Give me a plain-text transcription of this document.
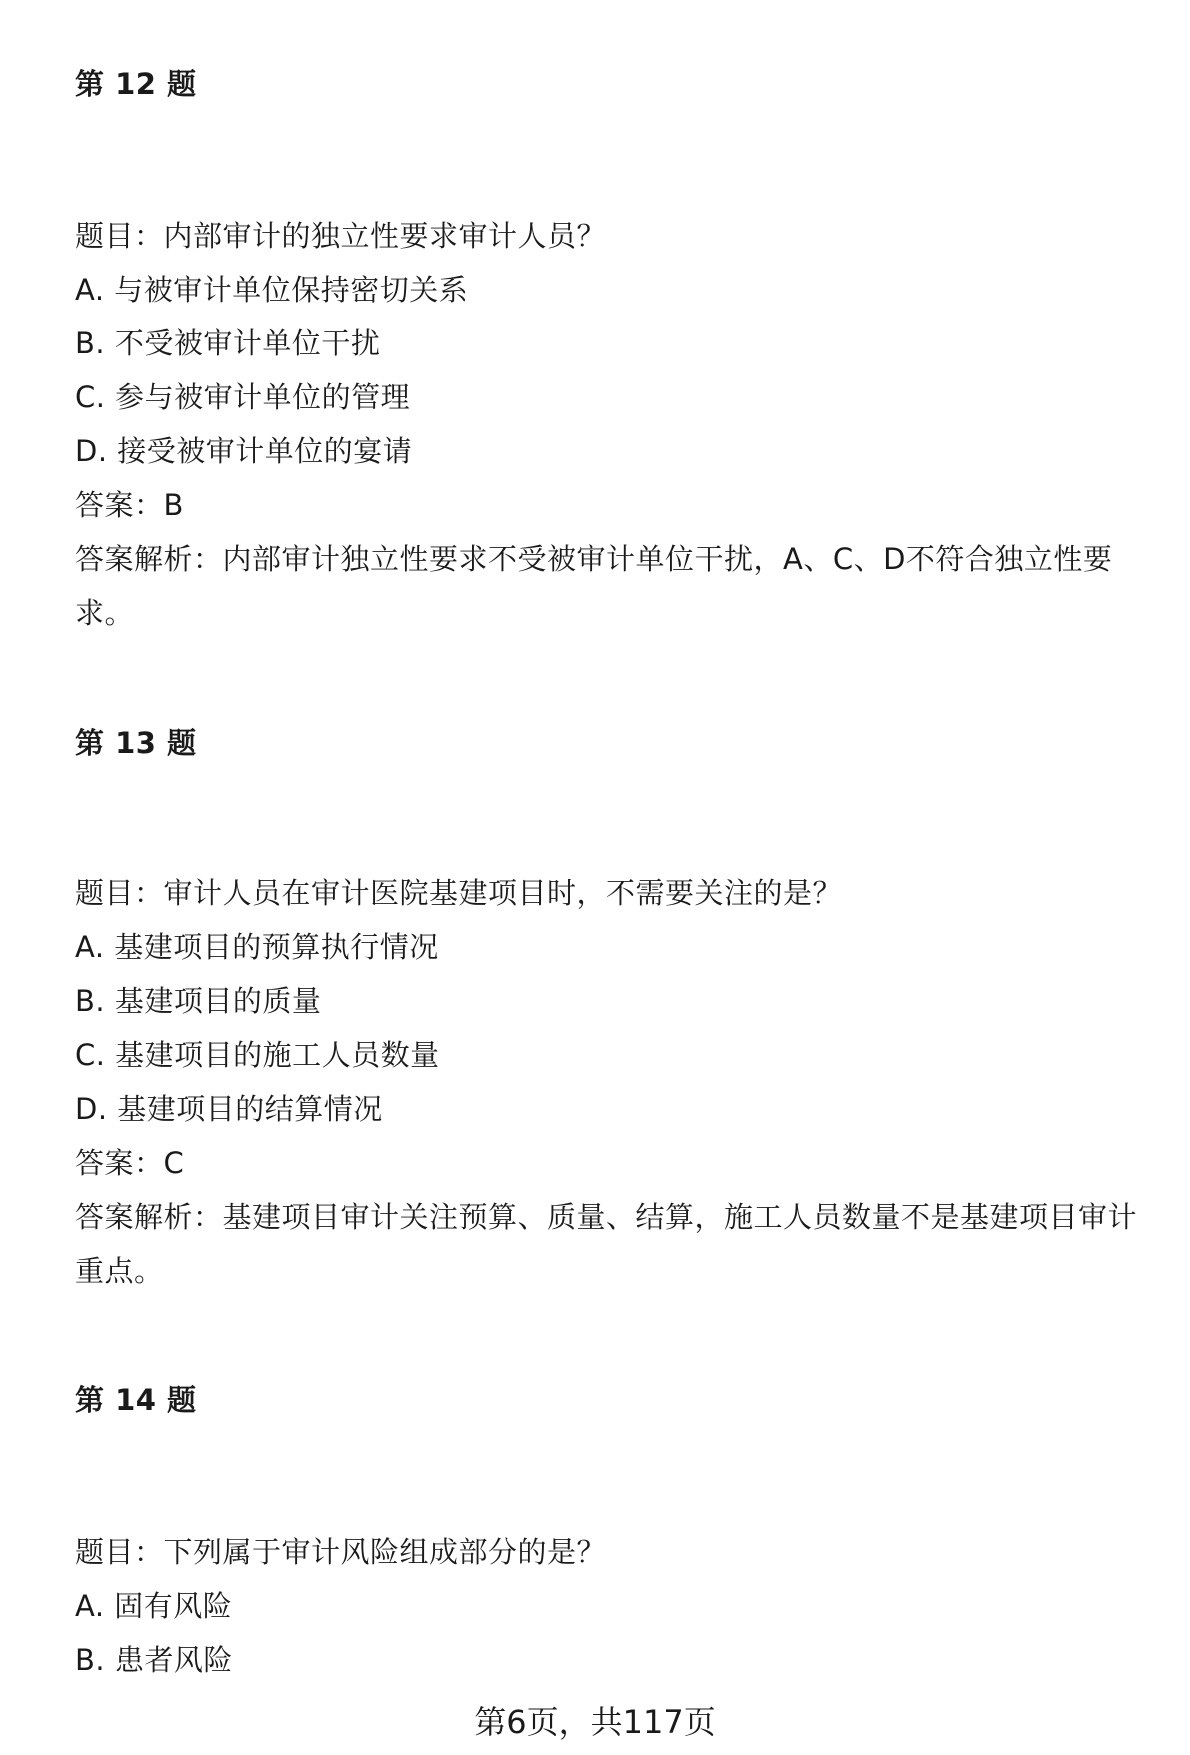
第 12 题

题目：内部审计的独立性要求审计人员？

A. 与被审计单位保持密切关系

B. 不受被审计单位干扰

C. 参与被审计单位的管理

D. 接受被审计单位的宴请

答案：B

答案解析：内部审计独立性要求不受被审计单位干扰，A、C、D不符合独立性要

求。

第 13 题

题目：审计人员在审计医院基建项目时，不需要关注的是？

A. 基建项目的预算执行情况

B. 基建项目的质量

C. 基建项目的施工人员数量

D. 基建项目的结算情况

答案：C

答案解析：基建项目审计关注预算、质量、结算，施工人员数量不是基建项目审计

重点。

第 14 题

题目：下列属于审计风险组成部分的是？

A. 固有风险

B. 患者风险

第6页，共117页
